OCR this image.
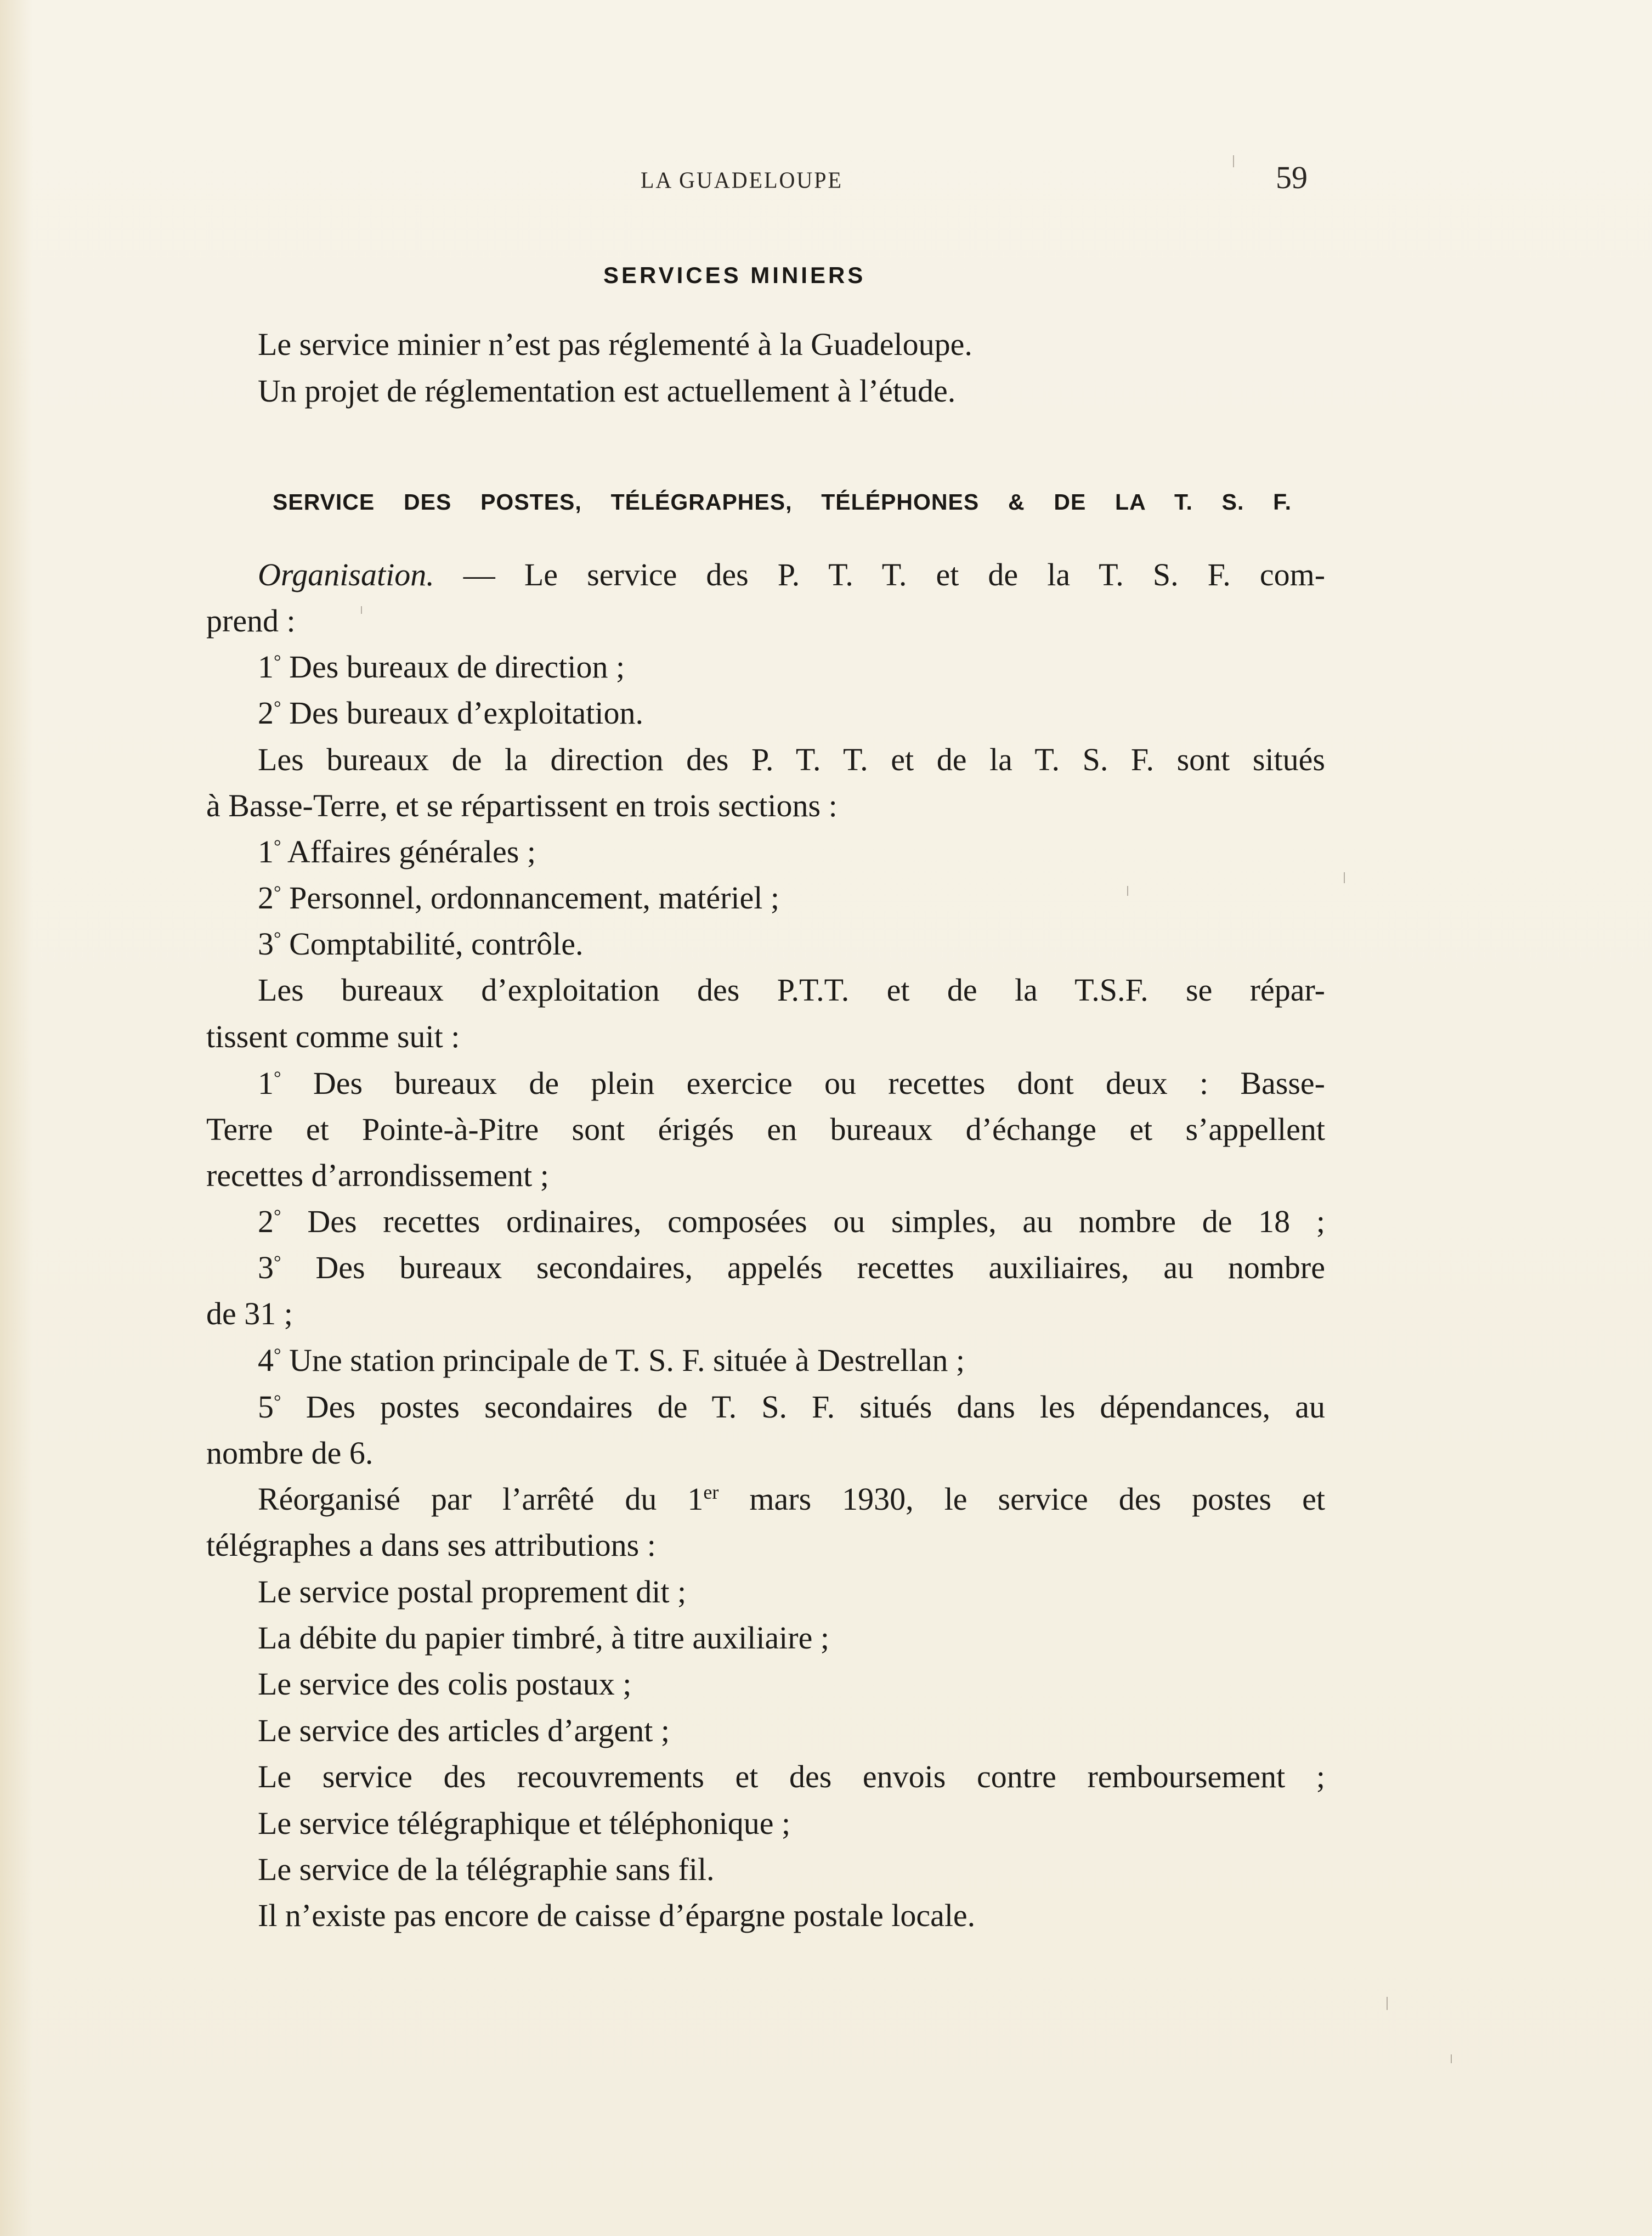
LA GUADELOUPE	59
SERVICES MINIERS
Le service minier n’est pas réglementé à la Guadeloupe.
Un projet de réglementation est actuellement à l’étude.
SERVICE DES POSTES, TÉLÉGRAPHES, TÉLÉPHONES & DE LA T. S. F.
Organisation. — Le service des P. T. T. et de la T. S. F. com-
prend :
1° Des bureaux de direction ;
2° Des bureaux d’exploitation.
Les bureaux de la direction des P. T. T. et de la T. S. F. sont situés
à Basse-Terre, et se répartissent en trois sections :
1° Affaires générales ;
2° Personnel, ordonnancement, matériel ;
3° Comptabilité, contrôle.
Les bureaux d’exploitation des P.T.T. et de la T.S.F. se répar-
tissent comme suit :
1° Des bureaux de plein exercice ou recettes dont deux : Basse-
Terre et Pointe-à-Pitre sont érigés en bureaux d’échange et s’appellent
recettes d’arrondissement ;
2° Des recettes ordinaires, composées ou simples, au nombre de 18 ;
3° Des bureaux secondaires, appelés recettes auxiliaires, au nombre
de 31 ;
4° Une station principale de T. S. F. située à Destrellan ;
5° Des postes secondaires de T. S. F. situés dans les dépendances, au
nombre de 6.
Réorganisé par l’arrêté du 1er mars 1930, le service des postes et
télégraphes a dans ses attributions :
Le service postal proprement dit ;
La débite du papier timbré, à titre auxiliaire ;
Le service des colis postaux ;
Le service des articles d’argent ;
Le service des recouvrements et des envois contre remboursement ;
Le service télégraphique et téléphonique ;
Le service de la télégraphie sans fil.
Il n’existe pas encore de caisse d’épargne postale locale.
